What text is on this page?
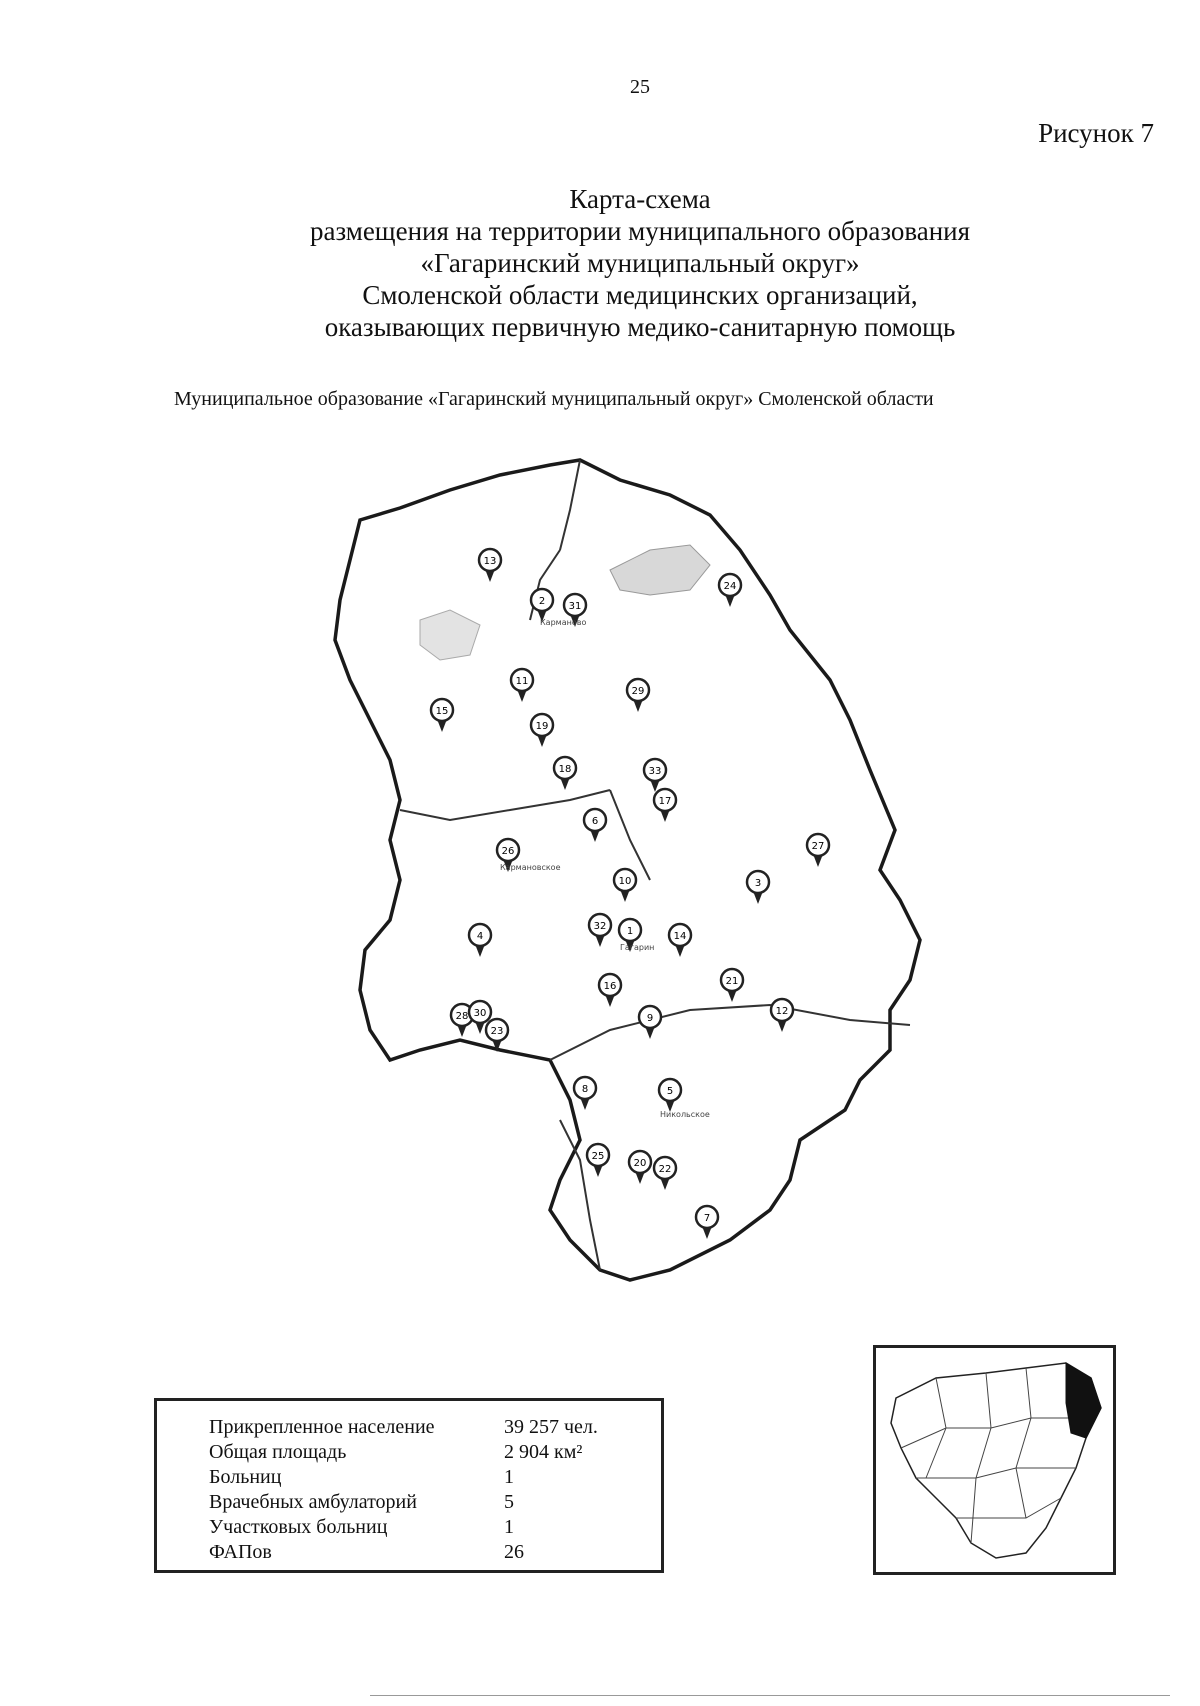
25
Рисунок 7
Карта-схема
размещения на территории муниципального образования
«Гагаринский муниципальный округ»
Смоленской области медицинских организаций,
оказывающих первичную медико-санитарную помощь
Муниципальное образование «Гагаринский муниципальный округ» Смоленской области
1
2
3
4
5
6
7
8
9
10
11
12
13
14
15
16
17
18
19
20
21
22
23
24
25
26	27
28
29
30
31
32
33
Карманово
Никольское
Гагарин
Кармановское
Прикрепленное население	39 257 чел.
Общая площадь	2 904 км²
Больниц	1
Врачебных амбулаторий	5
Участковых больниц	1
ФАПов	26
